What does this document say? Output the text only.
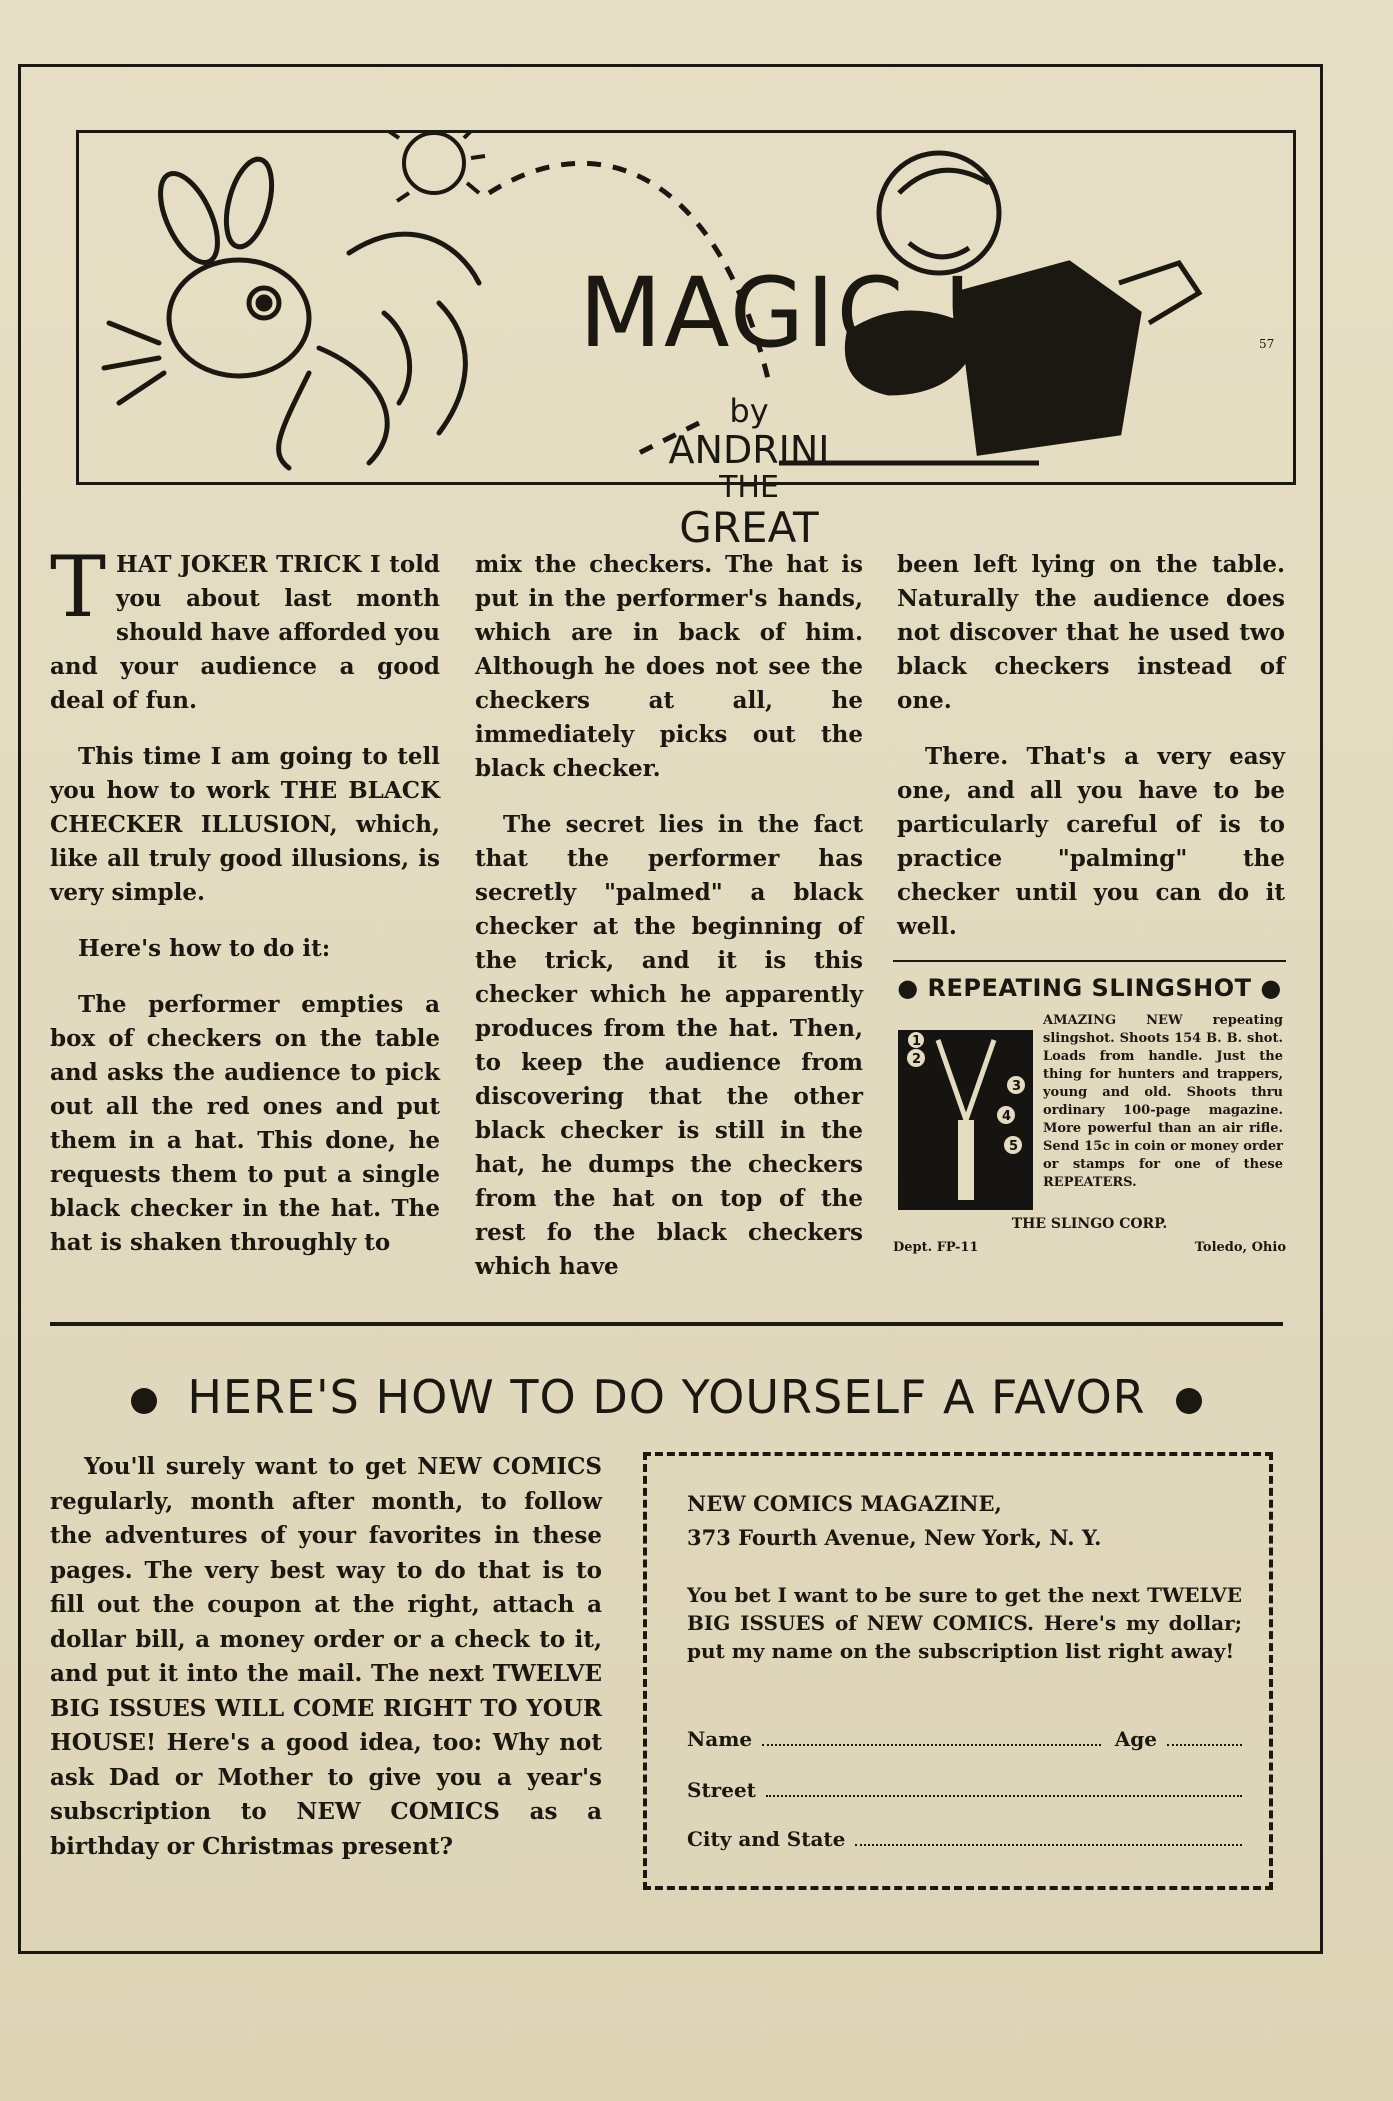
57
MAGIC !
by
ANDRINI
THE
GREAT

THAT JOKER TRICK I told you about last month should have afforded you and your audience a good deal of fun.

This time I am going to tell you how to work THE BLACK CHECKER ILLUSION, which, like all truly good illusions, is very simple.

Here's how to do it:

The performer empties a box of checkers on the table and asks the audience to pick out all the red ones and put them in a hat. This done, he requests them to put a single black checker in the hat. The hat is shaken throughly to

mix the checkers. The hat is put in the performer's hands, which are in back of him. Although he does not see the checkers at all, he immediately picks out the black checker.

The secret lies in the fact that the performer has secretly "palmed" a black checker at the beginning of the trick, and it is this checker which he apparently produces from the hat. Then, to keep the audience from discovering that the other black checker is still in the hat, he dumps the checkers from the hat on top of the rest fo the black checkers which have

been left lying on the table. Naturally the audience does not discover that he used two black checkers instead of one.

There. That's a very easy one, and all you have to be particularly careful of is to practice "palming" the checker until you can do it well.

● REPEATING SLINGSHOT ●
2
1
3
4
5
AMAZING NEW repeating slingshot. Shoots 154 B. B. shot. Loads from handle. Just the thing for hunters and trappers, young and old. Shoots thru ordinary 100-page magazine. More powerful than an air rifle. Send 15c in coin or money order or stamps for one of these REPEATERS.
THE SLINGO CORP.
Dept. FP-11	Toledo, Ohio
HERE'S HOW TO DO YOURSELF A FAVOR

You'll surely want to get NEW COMICS regularly, month after month, to follow the adventures of your favorites in these pages. The very best way to do that is to fill out the coupon at the right, attach a dollar bill, a money order or a check to it, and put it into the mail. The next TWELVE BIG ISSUES WILL COME RIGHT TO YOUR HOUSE! Here's a good idea, too: Why not ask Dad or Mother to give you a year's subscription to NEW COMICS as a birthday or Christmas present?

NEW COMICS MAGAZINE,
373 Fourth Avenue, New York, N. Y.
You bet I want to be sure to get the next TWELVE BIG ISSUES of NEW COMICS. Here's my dollar; put my name on the subscription list right away!
Name	Age
Street
City and State
